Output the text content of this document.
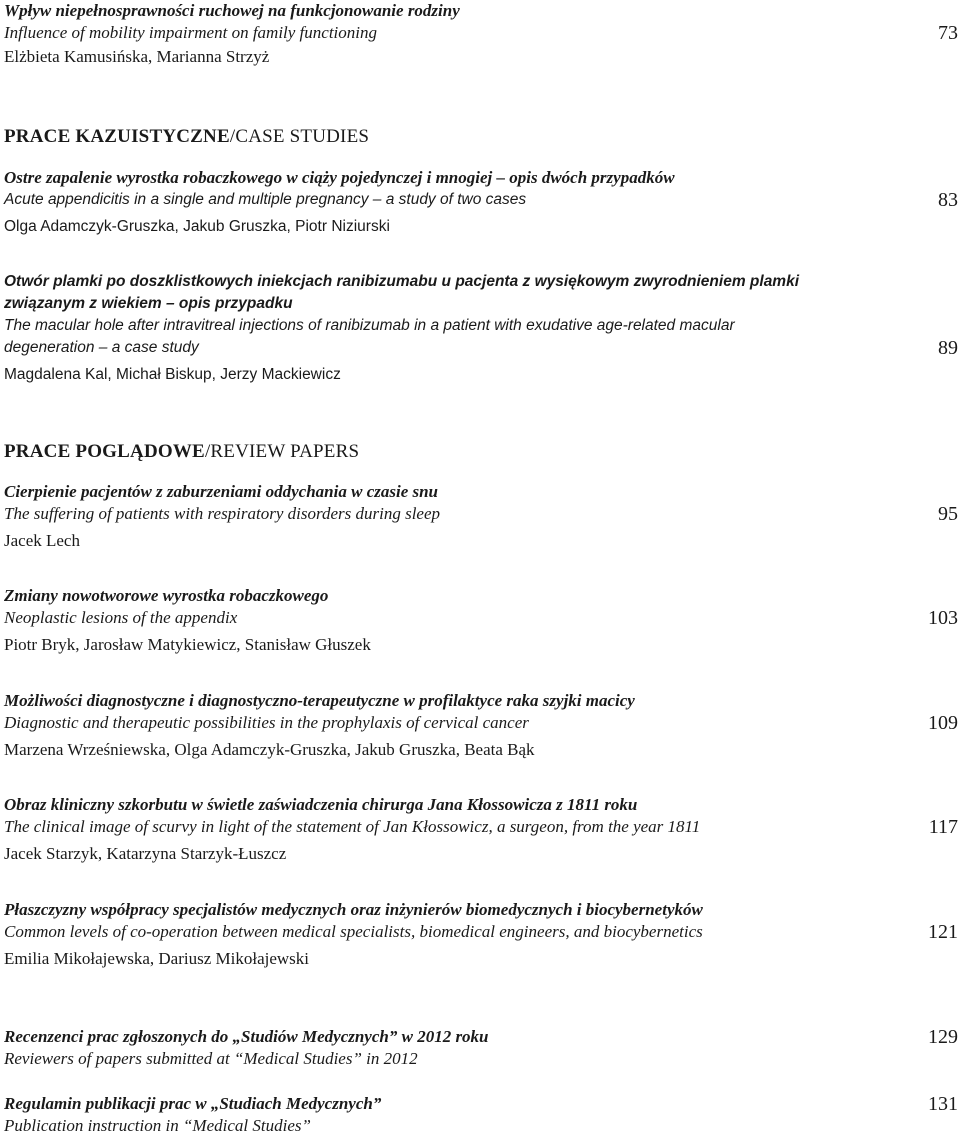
Wpływ niepełnosprawności ruchowej na funkcjonowanie rodziny
Influence of mobility impairment on family functioning
Elżbieta Kamusińska, Marianna Strzyż
73
PRACE KAZUISTYCZNE/CASE STUDIES
Ostre zapalenie wyrostka robaczkowego w ciąży pojedynczej i mnogiej – opis dwóch przypadków
Acute appendicitis in a single and multiple pregnancy – a study of two cases
Olga Adamczyk-Gruszka, Jakub Gruszka, Piotr Niziurski
83
Otwór plamki po doszklistkowych iniekcjach ranibizumabu u pacjenta z wysiękowym zwyrodnieniem plamki
związanym z wiekiem – opis przypadku
The macular hole after intravitreal injections of ranibizumab in a patient with exudative age-related macular
degeneration – a case study
Magdalena Kal, Michał Biskup, Jerzy Mackiewicz
89
PRACE POGLĄDOWE/REVIEW PAPERS
Cierpienie pacjentów z zaburzeniami oddychania w czasie snu
The suffering of patients with respiratory disorders during sleep
Jacek Lech
95
Zmiany nowotworowe wyrostka robaczkowego
Neoplastic lesions of the appendix
Piotr Bryk, Jarosław Matykiewicz, Stanisław Głuszek
103
Możliwości diagnostyczne i diagnostyczno-terapeutyczne w profilaktyce raka szyjki macicy
Diagnostic and therapeutic possibilities in the prophylaxis of cervical cancer
Marzena Wrześniewska, Olga Adamczyk-Gruszka, Jakub Gruszka, Beata Bąk
109
Obraz kliniczny szkorbutu w świetle zaświadczenia chirurga Jana Kłossowicza z 1811 roku
The clinical image of scurvy in light of the statement of Jan Kłossowicz, a surgeon, from the year 1811
Jacek Starzyk, Katarzyna Starzyk-Łuszcz
117
Płaszczyzny współpracy specjalistów medycznych oraz inżynierów biomedycznych i biocybernetyków
Common levels of co-operation between medical specialists, biomedical engineers, and biocybernetics
Emilia Mikołajewska, Dariusz Mikołajewski
121
Recenzenci prac zgłoszonych do „Studiów Medycznych” w 2012 roku
Reviewers of papers submitted at “Medical Studies” in 2012
129
Regulamin publikacji prac w „Studiach Medycznych”
Publication instruction in “Medical Studies”
131
